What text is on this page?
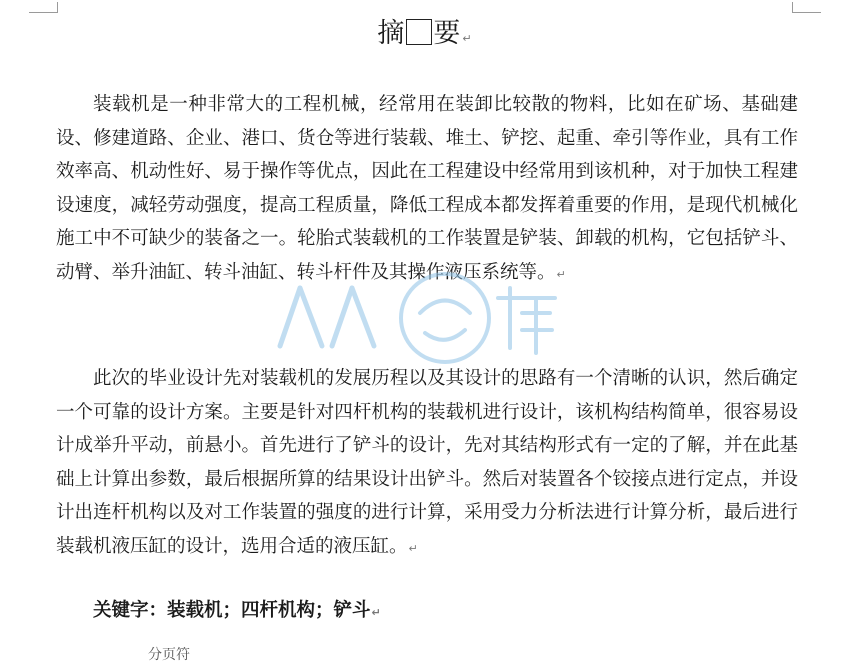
摘 要↵

装载机是一种非常大的工程机械，经常用在装卸比较散的物料，比如在矿场、基础建设、修建道路、企业、港口、货仓等进行装载、堆土、铲挖、起重、牵引等作业，具有工作效率高、机动性好、易于操作等优点，因此在工程建设中经常用到该机种，对于加快工程建设速度，减轻劳动强度，提高工程质量，降低工程成本都发挥着重要的作用，是现代机械化施工中不可缺少的装备之一。轮胎式装载机的工作装置是铲装、卸载的机构，它包括铲斗、动臂、举升油缸、转斗油缸、转斗杆件及其操作液压系统等。↵

此次的毕业设计先对装载机的发展历程以及其设计的思路有一个清晰的认识，然后确定一个可靠的设计方案。主要是针对四杆机构的装载机进行设计，该机构结构简单，很容易设计成举升平动，前悬小。首先进行了铲斗的设计，先对其结构形式有一定的了解，并在此基础上计算出参数，最后根据所算的结果设计出铲斗。然后对装置各个铰接点进行定点，并设计出连杆机构以及对工作装置的强度的进行计算，采用受力分析法进行计算分析，最后进行装载机液压缸的设计，选用合适的液压缸。↵

关键字：装载机；四杆机构；铲斗↵
分页符
